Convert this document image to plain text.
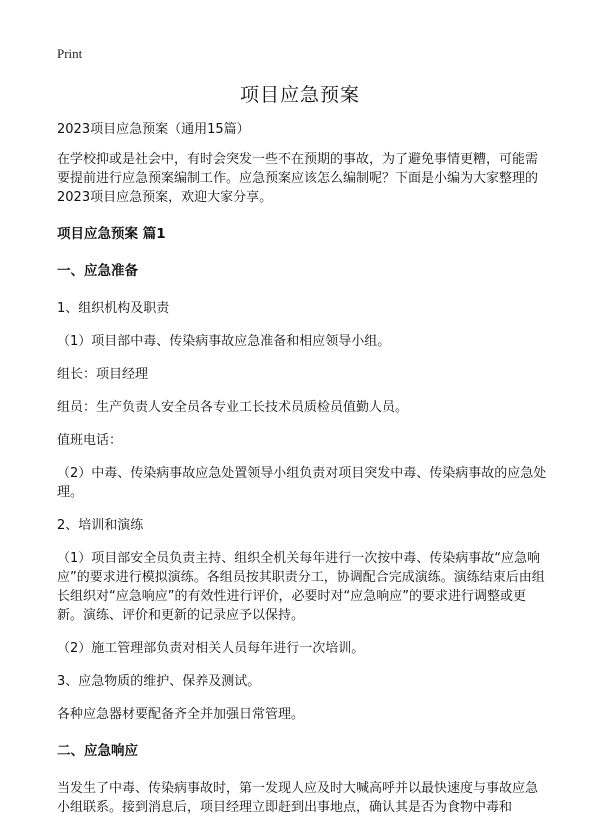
Print
项目应急预案

2023项目应急预案（通用15篇）

在学校抑或是社会中，有时会突发一些不在预期的事故，为了避免事情更糟，可能需要提前进行应急预案编制工作。应急预案应该怎么编制呢？下面是小编为大家整理的2023项目应急预案，欢迎大家分享。

项目应急预案 篇1
一、应急准备

1、组织机构及职责

（1）项目部中毒、传染病事故应急准备和相应领导小组。

组长：项目经理

组员：生产负责人安全员各专业工长技术员质检员值勤人员。

值班电话：

（2）中毒、传染病事故应急处置领导小组负责对项目突发中毒、传染病事故的应急处理。

2、培训和演练

（1）项目部安全员负责主持、组织全机关每年进行一次按中毒、传染病事故“应急响应”的要求进行模拟演练。各组员按其职责分工，协调配合完成演练。演练结束后由组长组织对“应急响应”的有效性进行评价，必要时对“应急响应”的要求进行调整或更新。演练、评价和更新的记录应予以保持。

（2）施工管理部负责对相关人员每年进行一次培训。

3、应急物质的维护、保养及测试。

各种应急器材要配备齐全并加强日常管理。

二、应急响应

当发生了中毒、传染病事故时，第一发现人应及时大喊高呼并以最快速度与事故应急小组联系。接到消息后，项目经理立即赶到出事地点，确认其是否为食物中毒和
